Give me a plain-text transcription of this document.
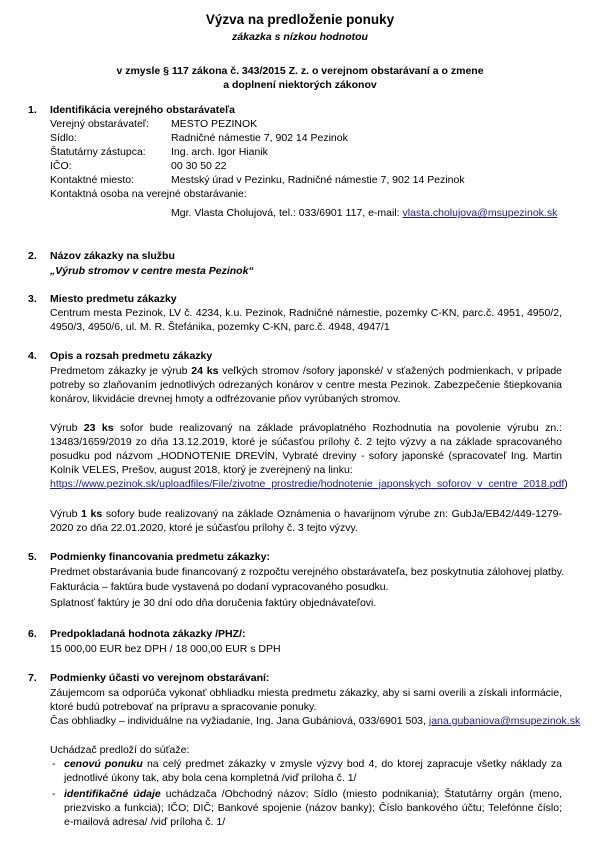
Výzva na predloženie ponuky
zákazka s nízkou hodnotou
v zmysle § 117 zákona č. 343/2015 Z. z. o verejnom obstarávaní a o zmene
a doplnení niektorých zákonov
1. Identifikácia verejného obstarávateľa
Verejný obstarávateľ: MESTO PEZINOK
Sídlo:	Radničné námestie 7, 902 14 Pezinok
Štatutárny zástupca: Ing. arch. Igor Hianik
IČO:	00 30 50 22
Kontaktné miesto:	Mestský úrad v Pezinku, Radničné námestie 7, 902 14 Pezinok
Kontaktná osoba na verejné obstarávanie:
Mgr. Vlasta Cholujová, tel.: 033/6901 117, e-mail: vlasta.cholujova@msupezinok.sk
2. Názov zákazky na službu
„Výrub stromov v centre mesta Pezinok“
3. Miesto predmetu zákazky
Centrum mesta Pezinok, LV č. 4234, k.u. Pezinok, Radničné námestie, pozemky C-KN, parc.č. 4951, 4950/2,
4950/3, 4950/6, ul. M. R. Štefánika, pozemky C-KN, parc.č. 4948, 4947/1
4. Opis a rozsah predmetu zákazky
Predmetom zákazky je výrub 24 ks veľkých stromov /sofory japonské/ v sťažených podmienkach, v prípade potreby so zlaňovaním jednotlivých odrezaných konárov v centre mesta Pezinok. Zabezpečenie štiepkovania konárov, likvidácie drevnej hmoty a odfrézovanie pňov vyrúbaných stromov.
Výrub 23 ks sofor bude realizovaný na základe právoplatného Rozhodnutia na povolenie výrubu zn.: 13483/1659/2019 zo dňa 13.12.2019, ktoré je súčasťou prílohy č. 2 tejto výzvy a na základe spracovaného posudku pod názvom „HODNOTENIE DREVÍN, Vybraté dreviny - sofory japonské (spracovateľ Ing. Martin Kolník VELES, Prešov, august 2018, ktorý je zverejnený na linku:
https://www.pezinok.sk/uploadfiles/File/zivotne_prostredie/hodnotenie_japonskych_soforov_v_centre_2018.pdf)
Výrub 1 ks sofory bude realizovaný na základe Oznámenia o havarijnom výrube zn: GubJa/EB42/449-1279-2020 zo dňa 22.01.2020, ktoré je súčasťou prílohy č. 3 tejto výzvy.
5. Podmienky financovania predmetu zákazky:
Predmet obstarávania bude financovaný z rozpočtu verejného obstarávateľa, bez poskytnutia zálohovej platby.
Fakturácia – faktúra bude vystavená po dodaní vypracovaného posudku.
Splatnosť faktúry je 30 dní odo dňa doručenia faktúry objednávateľovi.
6. Predpokladaná hodnota zákazky /PHZ/:
15 000,00 EUR bez DPH / 18 000,00 EUR s DPH
7. Podmienky účasti vo verejnom obstarávaní:
Záujemcom sa odporúča vykonať obhliadku miesta predmetu zákazky, aby si sami overili a získali informácie, ktoré budú potrebovať na prípravu a spracovanie ponuky.
Čas obhliadky – individuálne na vyžiadanie, Ing. Jana Gubániová, 033/6901 503, jana.gubaniova@msupezinok.sk
Uchádzač predloží do súťaže:
- cenovú ponuku na celý predmet zákazky v zmysle výzvy bod 4, do ktorej zapracuje všetky náklady za jednotlivé úkony tak, aby bola cena kompletná /viď príloha č. 1/
- identifikačné údaje uchádzača /Obchodný názov; Sídlo (miesto podnikania); Štatutárny orgán (meno, priezvisko a funkcia); IČO; DIČ; Bankové spojenie (názov banky); Číslo bankového účtu; Telefónne číslo; e-mailová adresa/ /viď príloha č. 1/
